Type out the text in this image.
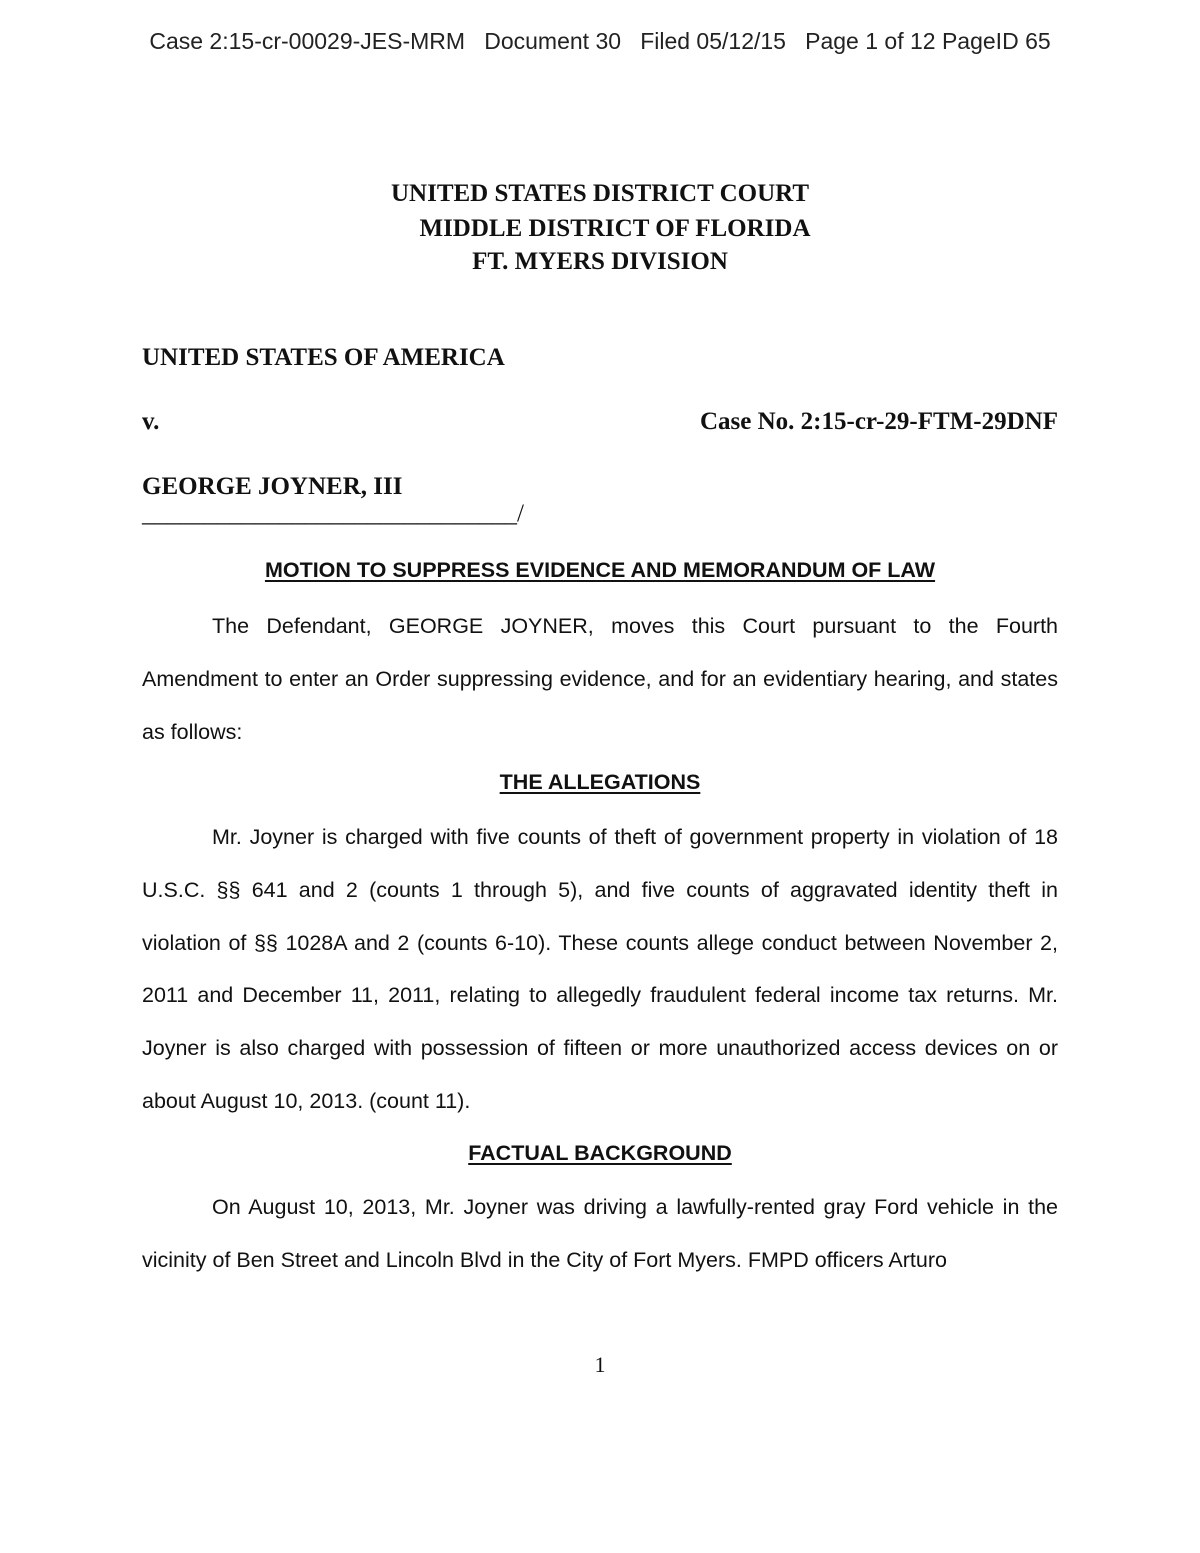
Case 2:15-cr-00029-JES-MRM   Document 30   Filed 05/12/15   Page 1 of 12 PageID 65
UNITED STATES DISTRICT COURT
MIDDLE DISTRICT OF FLORIDA
FT. MYERS DIVISION
UNITED STATES OF AMERICA
v.	Case No. 2:15-cr-29-FTM-29DNF
GEORGE JOYNER, III
______________________________/
MOTION TO SUPPRESS EVIDENCE AND MEMORANDUM OF LAW

The Defendant, GEORGE JOYNER, moves this Court pursuant to the Fourth Amendment to enter an Order suppressing evidence, and for an evidentiary hearing, and states as follows:

THE ALLEGATIONS

Mr. Joyner is charged with five counts of theft of government property in violation of 18 U.S.C. §§ 641 and 2 (counts 1 through 5), and five counts of aggravated identity theft in violation of §§ 1028A and 2 (counts 6-10). These counts allege conduct between November 2, 2011 and December 11, 2011, relating to allegedly fraudulent federal income tax returns. Mr. Joyner is also charged with possession of fifteen or more unauthorized access devices on or about August 10, 2013. (count 11).

FACTUAL BACKGROUND

On August 10, 2013, Mr. Joyner was driving a lawfully-rented gray Ford vehicle in the vicinity of Ben Street and Lincoln Blvd in the City of Fort Myers. FMPD officers Arturo

1
